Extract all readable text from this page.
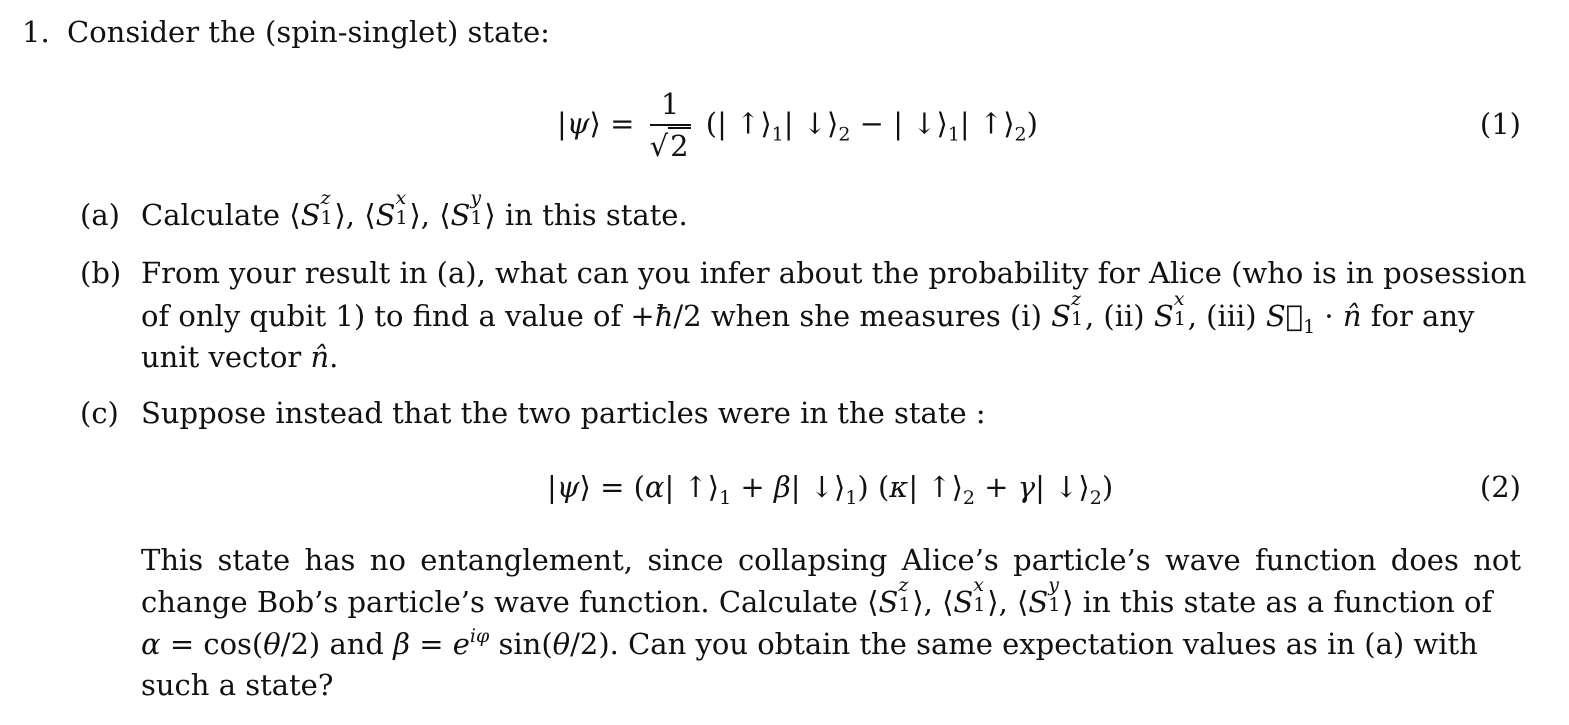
1. Consider the (spin-singlet) state:
|ψ⟩ = $\frac{1}{√2}$ (| $↑⟩_1|$ $↓⟩_2$ − | $↓⟩_1|$ $↑⟩_2$)	(1)
(a) Calculate ⟨S z
1 ⟩, ⟨S x
1 ⟩, ⟨S y
1 ⟩ in this state.
(b) From your result in (a), what can you infer about the probability for Alice (who is in posession
of only qubit 1) to find a value of +ħ/2 when she measures (i) S z
1 , (ii) S x
1 , (iii) $S⃗_1$ · n̂ for any
unit vector n̂.
(c) Suppose instead that the two particles were in the state :
|ψ⟩ = (α| $↑⟩_1 + \beta|$ $↓⟩_1$) (κ| $↑⟩_2 + \gamma|$ $↓⟩_2$)	(2)
This state has no entanglement, since collapsing Alice’s particle’s wave function does not
change Bob’s particle’s wave function. Calculate ⟨S z
1 ⟩, ⟨S x
1 ⟩, ⟨S y
1 ⟩ in this state as a function of
α = cos(θ/2) and $\beta = e^{i\varphi}$ sin(θ/2). Can you obtain the same expectation values as in (a) with
such a state?
